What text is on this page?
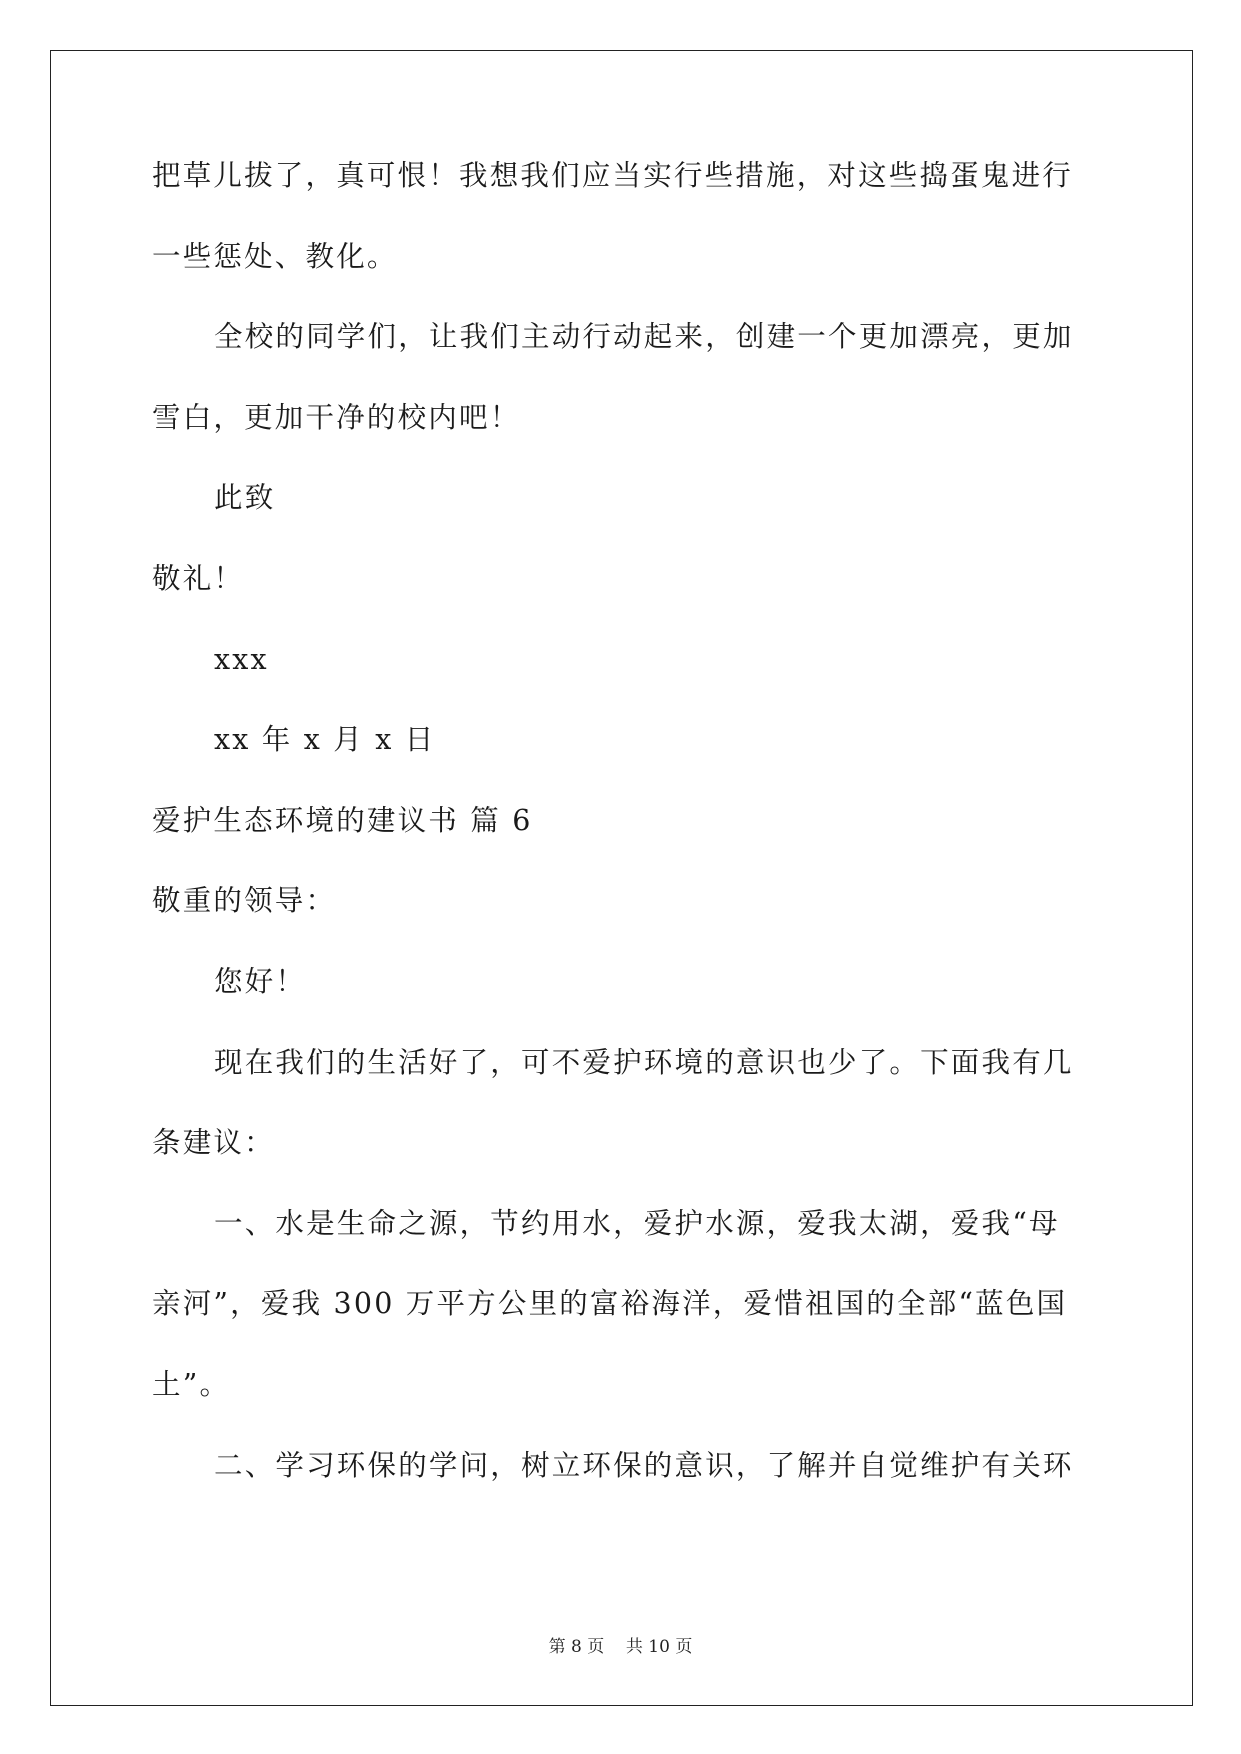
把草儿拔了，真可恨！我想我们应当实行些措施，对这些捣蛋鬼进行
一些惩处、教化。
全校的同学们，让我们主动行动起来，创建一个更加漂亮，更加
雪白，更加干净的校内吧！
此致
敬礼！
xxx
xx 年 x 月 x 日
爱护生态环境的建议书 篇 6
敬重的领导：
您好！
现在我们的生活好了，可不爱护环境的意识也少了。下面我有几
条建议：
一、水是生命之源，节约用水，爱护水源，爱我太湖，爱我“母
亲河”，爱我 300 万平方公里的富裕海洋，爱惜祖国的全部“蓝色国
土”。
二、学习环保的学问，树立环保的意识，了解并自觉维护有关环
第 8 页    共 10 页
